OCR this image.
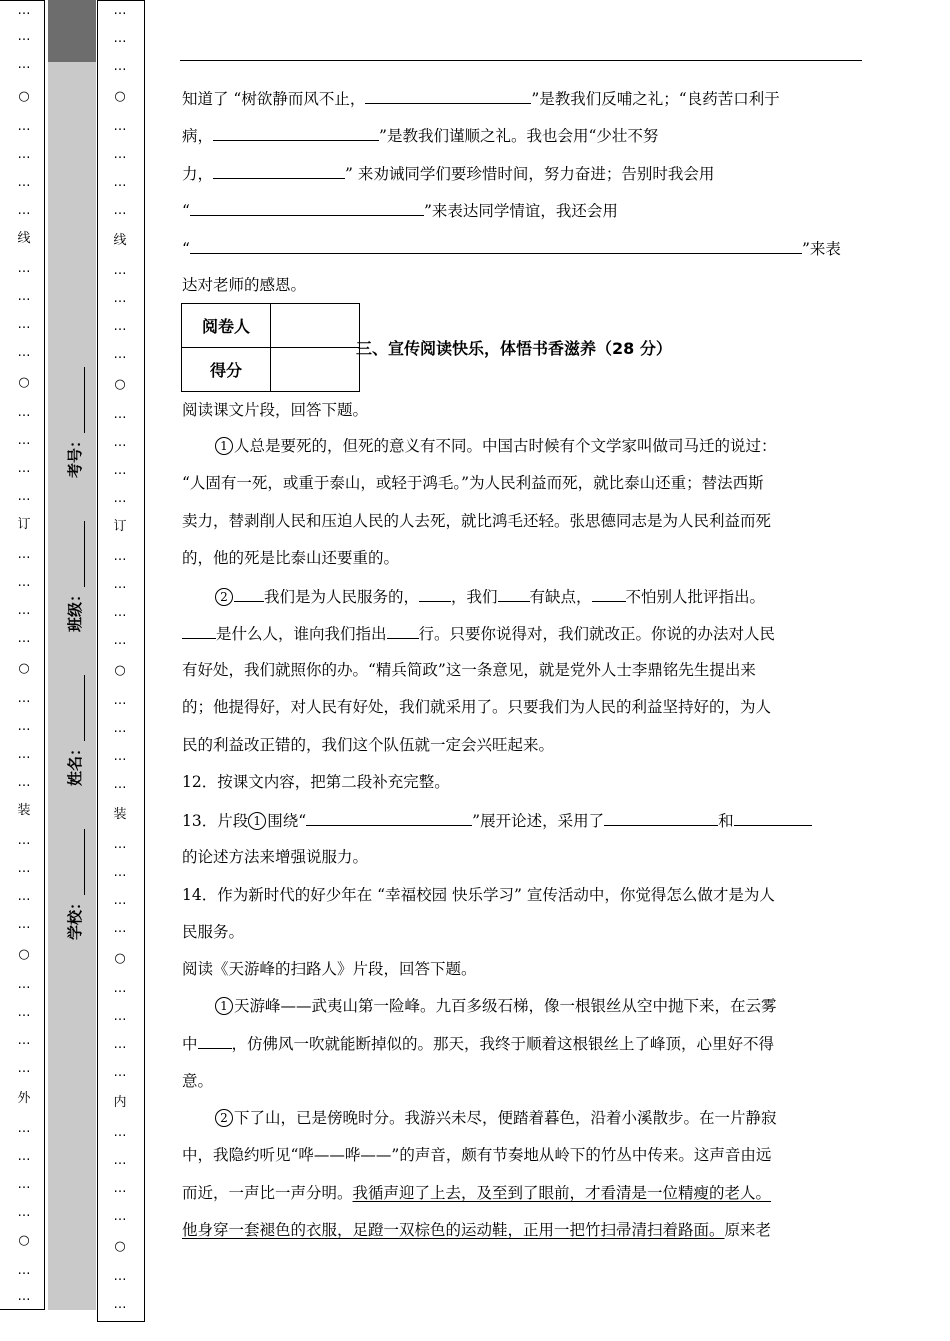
…
…
…
○
…
…
…
…
线
…
…
…
…
○
…
…
…
…
订
…
…
…
…
○
…
…
…
…
装
…
…
…
…
○
…
…
…
…
外
…
…
…
…
○
…
…
…
…
…
○
…
…
…
…
线
…
…
…
…
○
…
…
…
…
订
…
…
…
…
○
…
…
…
…
装
…
…
…
…
○
…
…
…
…
内
…
…
…
…
○
…
…
考号：
班级：
姓名：
学校：
知道了 “树欲静而风不止，	”是教我们反哺之礼；“良药苦口利于
病，	”是教我们谨顺之礼。我也会用“少壮不努
力，	” 来劝诫同学们要珍惜时间，努力奋进；告别时我会用
“	”来表达同学情谊，我还会用
“	”来表
达对老师的感恩。
阅卷人	
得分	
三、宣传阅读快乐，体悟书香滋养（28 分）
阅读课文片段，回答下题。
1 人总是要死的，但死的意义有不同。中国古时候有个文学家叫做司马迁的说过：
“人固有一死，或重于泰山，或轻于鸿毛。”为人民利益而死，就比泰山还重；替法西斯
卖力，替剥削人民和压迫人民的人去死，就比鸿毛还轻。张思德同志是为人民利益而死
的，他的死是比泰山还要重的。
2 我们是为人民服务的， ，我们 有缺点， 不怕别人批评指出。
是什么人，谁向我们指出 行。只要你说得对，我们就改正。你说的办法对人民
有好处，我们就照你的办。“精兵简政”这一条意见，就是党外人士李鼎铭先生提出来
的；他提得好，对人民有好处，我们就采用了。只要我们为人民的利益坚持好的，为人
民的利益改正错的，我们这个队伍就一定会兴旺起来。
12．按课文内容，把第二段补充完整。
13．片段 1 围绕“	”展开论述，采用了	和
的论述方法来增强说服力。
14．作为新时代的好少年在 “幸福校园 快乐学习” 宣传活动中，你觉得怎么做才是为人
民服务。
阅读《天游峰的扫路人》片段，回答下题。
1 天游峰——武夷山第一险峰。九百多级石梯，像一根银丝从空中抛下来，在云雾
中 ，仿佛风一吹就能断掉似的。那天，我终于顺着这根银丝上了峰顶，心里好不得
意。
2 下了山，已是傍晚时分。我游兴未尽，便踏着暮色，沿着小溪散步。在一片静寂
中，我隐约听见“哗——哗——”的声音，颇有节奏地从岭下的竹丛中传来。这声音由远
而近，一声比一声分明。我循声迎了上去，及至到了眼前，才看清是一位精瘦的老人。
他身穿一套褪色的衣服，足蹬一双棕色的运动鞋，正用一把竹扫帚清扫着路面。原来老
